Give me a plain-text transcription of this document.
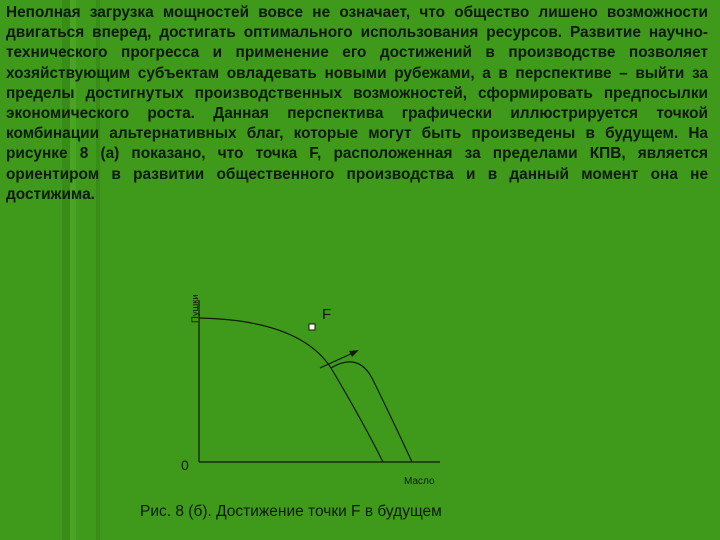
Неполная загрузка мощностей вовсе не означает, что общество лишено возможности двигаться вперед, достигать оптимального использования ресурсов. Развитие научно-технического прогресса и применение его достижений в производстве позволяет хозяйствующим субъектам овладевать новыми рубежами, а в перспективе – выйти за пределы достигнутых производственных возможностей, сформировать предпосылки экономического роста. Данная перспектива графически иллюстрируется точкой комбинации альтернативных благ, которые могут быть произведены в будущем. На рисунке 8 (а) показано, что точка F, расположенная за пределами КПВ, является ориентиром в развитии общественного производства и в данный момент она не достижима.

F
Пушки
0
Масло
Рис. 8 (б). Достижение точки F в будущем
